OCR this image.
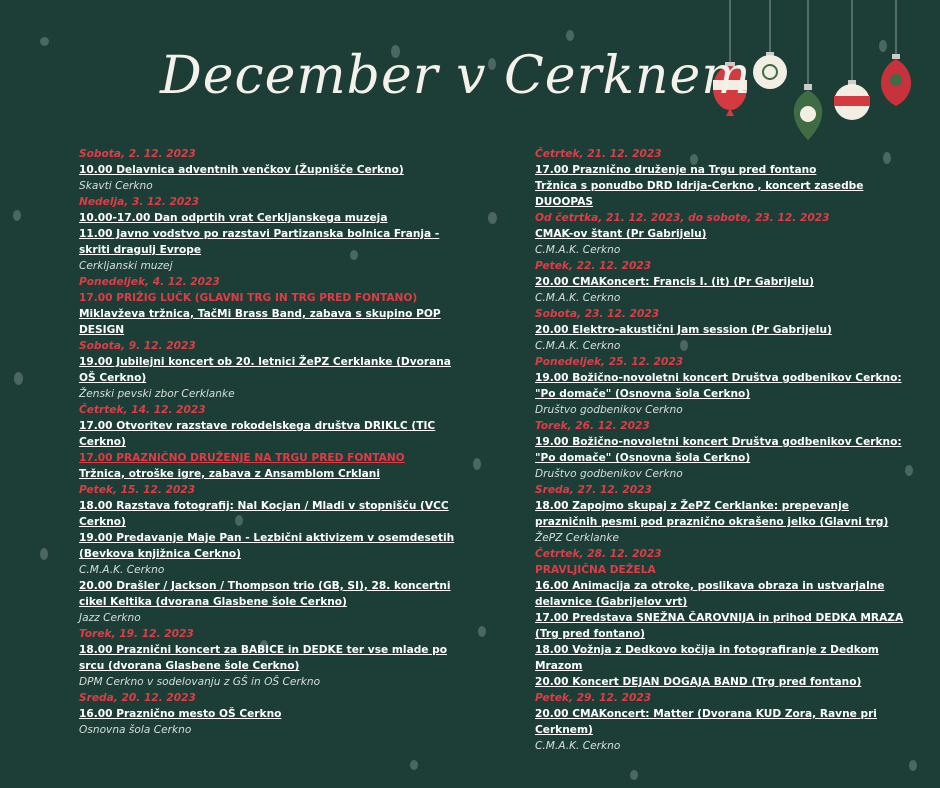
December v Cerknem
Sobota, 2. 12. 2023
10.00 Delavnica adventnih venčkov (Župnišče Cerkno)
Skavti Cerkno
Nedelja, 3. 12. 2023
10.00-17.00 Dan odprtih vrat Cerkljanskega muzeja
11.00 Javno vodstvo po razstavi Partizanska bolnica Franja - skriti dragulj Evrope
Cerkljanski muzej
Ponedeljek, 4. 12. 2023
17.00 PRIŽIG LUČK (GLAVNI TRG IN TRG PRED FONTANO)
Miklavževa tržnica, TačMi Brass Band, zabava s skupino POP DESIGN
Sobota, 9. 12. 2023
19.00 Jubilejni koncert ob 20. letnici ŽePZ Cerklanke (Dvorana OŠ Cerkno)
Ženski pevski zbor Cerklanke
Četrtek, 14. 12. 2023
17.00 Otvoritev razstave rokodelskega društva DRIKLC (TIC Cerkno)
17.00 PRAZNIČNO DRUŽENJE NA TRGU PRED FONTANO
Tržnica, otroške igre, zabava z Ansamblom Crklani
Petek, 15. 12. 2023
18.00 Razstava fotografij: Nal Kocjan / Mladi v stopnišču (VCC Cerkno)
19.00 Predavanje Maje Pan - Lezbični aktivizem v osemdesetih (Bevkova knjižnica Cerkno)
C.M.A.K. Cerkno
20.00 Drašler / Jackson / Thompson trio (GB, SI), 28. koncertni cikel Keltika (dvorana Glasbene šole Cerkno)
Jazz Cerkno
Torek, 19. 12. 2023
18.00 Praznični koncert za BABICE in DEDKE ter vse mlade po srcu (dvorana Glasbene šole Cerkno)
DPM Cerkno v sodelovanju z GŠ in OŠ Cerkno
Sreda, 20. 12. 2023
16.00 Praznično mesto OŠ Cerkno
Osnovna šola Cerkno
Četrtek, 21. 12. 2023
17.00 Praznično druženje na Trgu pred fontano
Tržnica s ponudbo DRD Idrija-Cerkno , koncert zasedbe DUOOPAS
Od četrtka, 21. 12. 2023, do sobote, 23. 12. 2023
CMAK-ov štant (Pr Gabrijelu)
C.M.A.K. Cerkno
Petek, 22. 12. 2023
20.00 CMAKoncert: Francis I. (it) (Pr Gabrijelu)
C.M.A.K. Cerkno
Sobota, 23. 12. 2023
20.00 Elektro-akustični Jam session (Pr Gabrijelu)
C.M.A.K. Cerkno
Ponedeljek, 25. 12. 2023
19.00 Božično-novoletni koncert Društva godbenikov Cerkno: "Po domače" (Osnovna šola Cerkno)
Društvo godbenikov Cerkno
Torek, 26. 12. 2023
19.00 Božično-novoletni koncert Društva godbenikov Cerkno: "Po domače" (Osnovna šola Cerkno)
Društvo godbenikov Cerkno
Sreda, 27. 12. 2023
18.00 Zapojmo skupaj z ŽePZ Cerklanke: prepevanje prazničnih pesmi pod praznično okrašeno jelko (Glavni trg)
ŽePZ Cerklanke
Četrtek, 28. 12. 2023
PRAVLJIČNA DEŽELA
16.00 Animacija za otroke, poslikava obraza in ustvarjalne delavnice (Gabrijelov vrt)
17.00 Predstava SNEŽNA ČAROVNIJA in prihod DEDKA MRAZA (Trg pred fontano)
18.00 Vožnja z Dedkovo kočija in fotografiranje z Dedkom Mrazom
20.00 Koncert DEJAN DOGAJA BAND (Trg pred fontano)
Petek, 29. 12. 2023
20.00 CMAKoncert: Matter (Dvorana KUD Zora, Ravne pri Cerknem)
C.M.A.K. Cerkno
